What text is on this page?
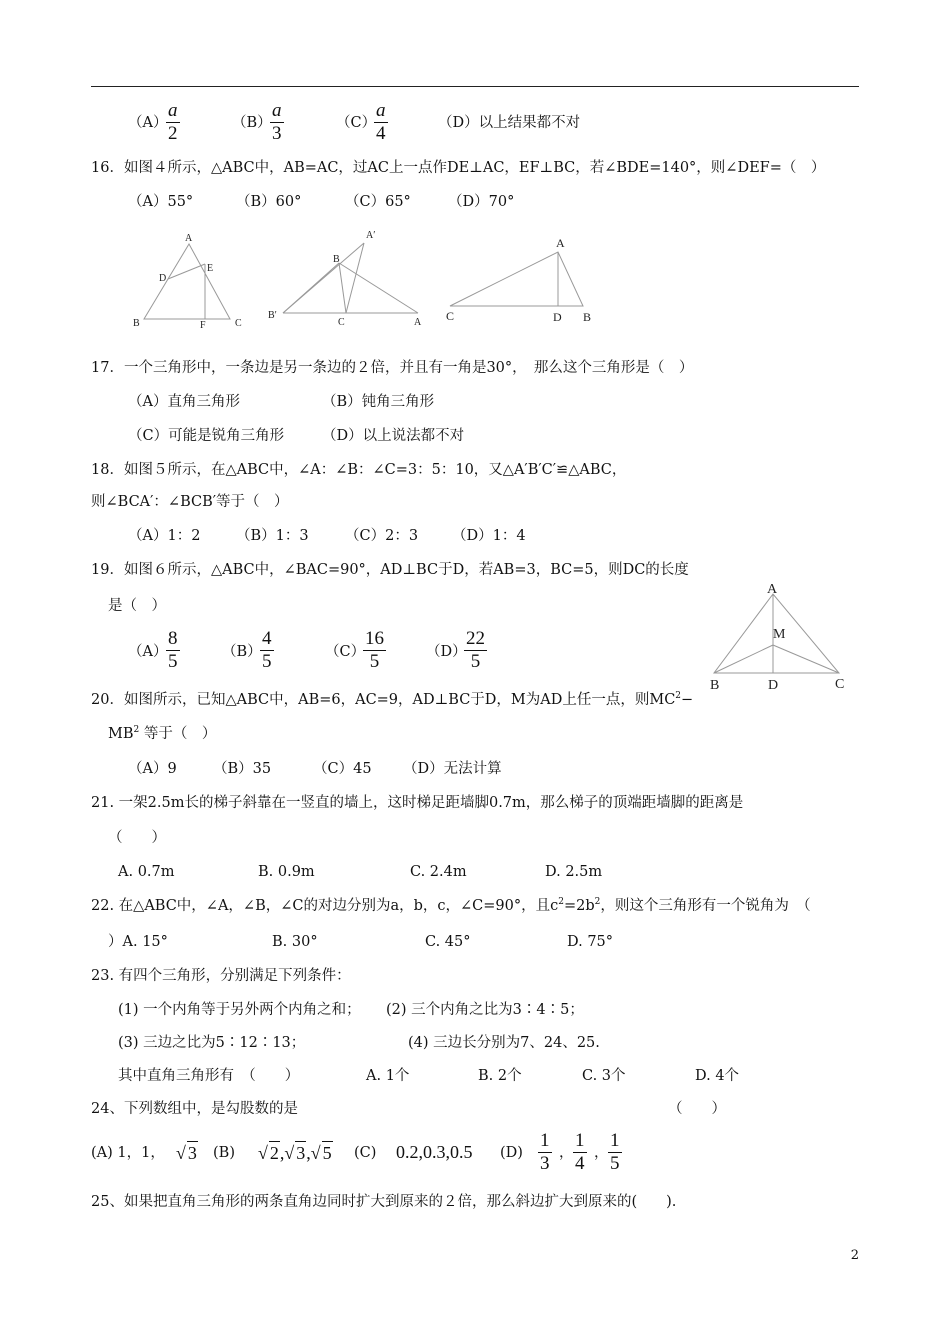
（A）
a
2	（B）
a
3	（C）
a
4	（D）以上结果都不对
16．如图４所示，△ABC中，AB=AC，过AC上一点作DE⊥AC，EF⊥BC，若∠BDE=140°，则∠DEF=（　）
（A）55°	（B）60°	（C）65°	（D）70°
A
D
E
B	F	C
A′
B
B′
C	A
A
C	D B
17．一个三角形中，一条边是另一条边的２倍，并且有一角是30°，　那么这个三角形是（　）
（A）直角三角形	（B）钝角三角形
（C）可能是锐角三角形	（D）以上说法都不对
18．如图５所示，在△ABC中，∠A：∠B：∠C=3：5：10，又△A′B′C′≌△ABC，
则∠BCA′：∠BCB′等于（　）
（A）1：2 （B）1：3	（C）2：3 （D）1：4
19．如图６所示，△ABC中，∠BAC=90°，AD⊥BC于D，若AB=3，BC=5，则DC的长度
是（　）
（A）
8
5	（B）
4
5	（C）
16
5	（D）
22
5
A
M
B	D	C
20．如图所示，已知△ABC中，AB=6，AC=9，AD⊥BC于D，M为AD上任一点，则$MC^2-$
$MB^2$ 等于（　）
（A）9	（B）35	（C）45 （D）无法计算
21. 一架2.5m长的梯子斜靠在一竖直的墙上，这时梯足距墙脚0.7m，那么梯子的顶端距墙脚的距离是
（　　）
A. 0.7m	B. 0.9m	C. 2.4m	D. 2.5m
22. 在△ABC中，∠A，∠B，∠C的对边分别为a，b，c，∠C=90°，且$c^2=2b^2$，则这个三角形有一个锐角为　（
）A. 15°	B. 30°	C. 45°	D. 75°
23. 有四个三角形，分别满足下列条件：
(1) 一个内角等于另外两个内角之和； (2) 三个内角之比为3∶4∶5；
(3) 三边之比为5∶12∶13；	(4) 三边长分别为7、24、25.
其中直角三角形有　（　　）	A. 1个	B. 2个	C. 3个	D. 4个
24、下列数组中，是勾股数的是	（　　）
(A) 1，1， √ 3 (B) √ 2,√ 3,√ 5 (C) 0.2,0.3,0.5 (D)
1
3 ，
1
4 ，
1
5
25、如果把直角三角形的两条直角边同时扩大到原来的２倍，那么斜边扩大到原来的(　　).
2
